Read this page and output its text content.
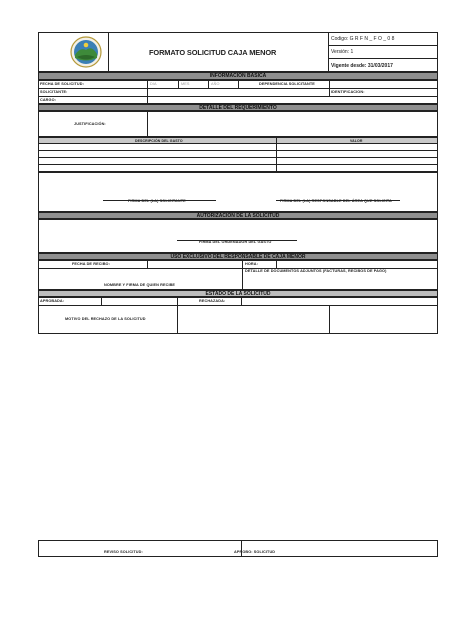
FORMATO SOLICITUD CAJA MENOR
Codigo: G R F N _ F O _ 0 8
Versión: 1
Vigente desde: 31/03/2017
INFORMACIÓN BASICA
FECHA DE SOLICITUD:	DIA	MES	AÑO	DEPENDENCIA SOLICITANTE
SOLICITANTE:	IDENTIFICACION:
CARGO:
DETALLE DEL REQUERIMIENTO
JUSTIFICACIÓN:
DESCRIPCIÓN DEL GASTO	VALOR
FIRMA DEL (LA) SOLICITANTE	FIRMA DEL (LA) RESPONSABLE DEL ÁREA QUE SOLICITA
AUTORIZACIÓN DE LA SOLICITUD
FIRMA DEL ORDENADOR DEL GASTO
USO EXCLUSIVO DEL RESPONSABLE DE CAJA MENOR
FECHA DE RECIBO:	HORA:
DETALLE DE DOCUMENTOS ADJUNTOS (FACTURAS, RECIBOS DE PAGO)
NOMBRE Y FIRMA DE QUIEN RECIBE
ESTADO DE LA SOLICITUD
APROBADA:	RECHAZADA:
MOTIVO DEL RECHAZO DE LA SOLICITUD
REVISO SOLICITUD:	APROBO: SOLICITUD
